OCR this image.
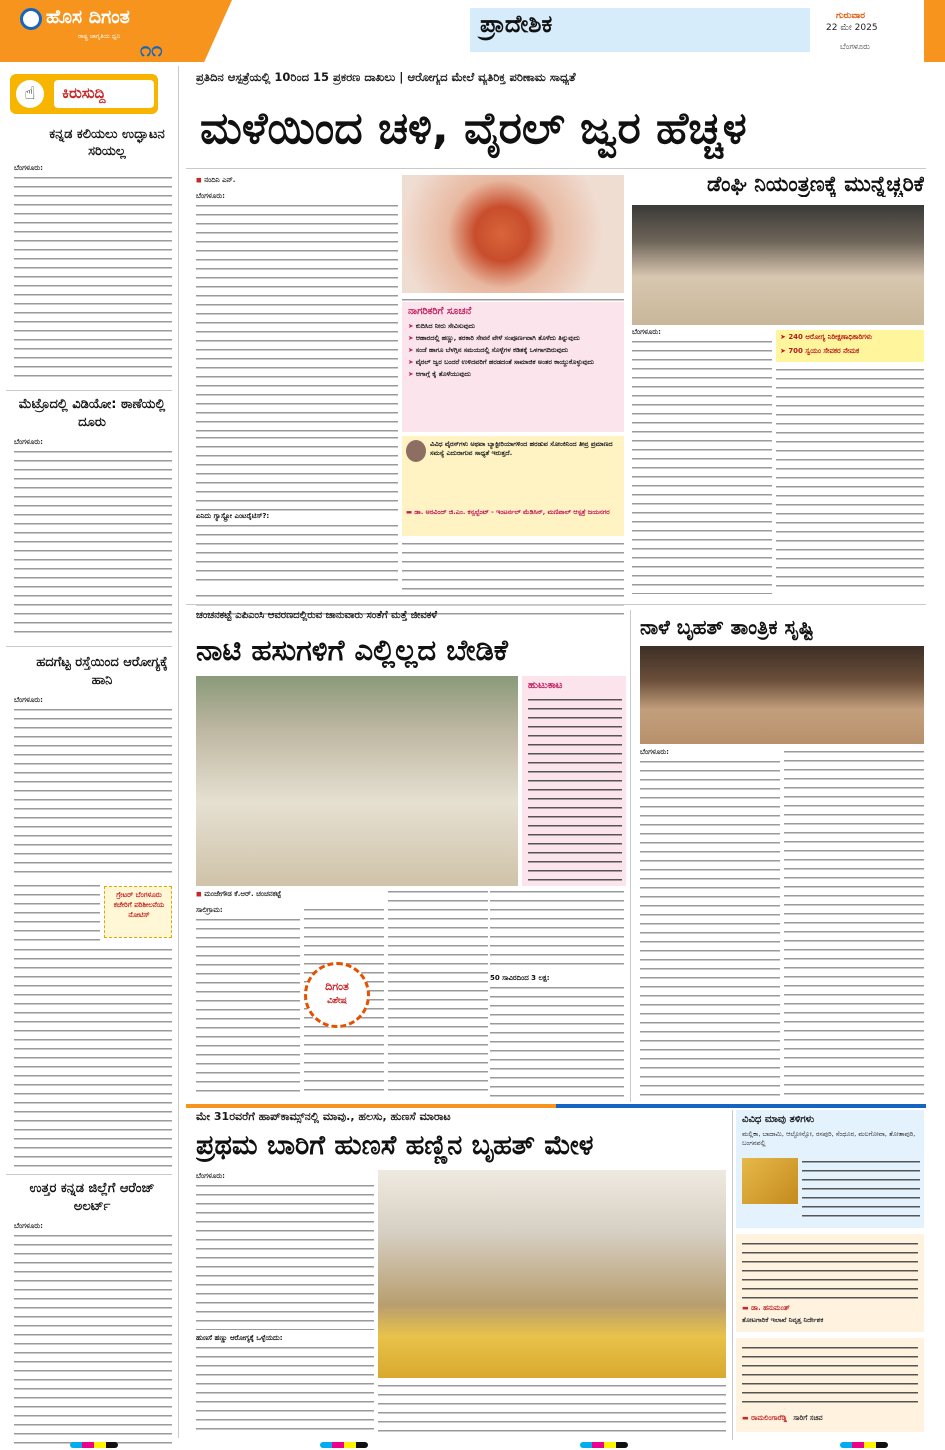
ಹೊಸ ದಿಗಂತ
ರಾಷ್ಟ್ರ ಜಾಗೃತಿಯ ಧ್ವನಿ
೧೧
ಪ್ರಾದೇಶಿಕ	ಗುರುವಾರ
22 ಮೇ 2025
ಬೆಂಗಳೂರು
☝	ಕಿರುಸುದ್ದಿ
ಕನ್ನಡ ಕಲಿಯಲು ಉದ್ಘಾಟನ ಸರಿಯಲ್ಲ
ಬೆಂಗಳೂರು:
ಮೆಟ್ರೊದಲ್ಲಿ ವಿಡಿಯೋ: ಠಾಣೆಯಲ್ಲಿ ದೂರು
ಬೆಂಗಳೂರು:
ಹದಗೆಟ್ಟ ರಸ್ತೆಯಿಂದ ಆರೋಗ್ಯಕ್ಕೆ ಹಾನಿ
ಬೆಂಗಳೂರು:
ಗ್ರೇಟರ್ ಬೆಂಗಳೂರು ಕಚೇರಿಗೆ ಪರಿಶೀಲನೆಯ ನೋಟಿಸ್
ಉತ್ತರ ಕನ್ನಡ ಜಿಲ್ಲೆಗೆ ಆರೆಂಜ್ ಅಲರ್ಟ್
ಬೆಂಗಳೂರು:
ಪ್ರತಿದಿನ ಆಸ್ಪತ್ರೆಯಲ್ಲಿ 10ರಿಂದ 15 ಪ್ರಕರಣ ದಾಖಲು | ಆರೋಗ್ಯದ ಮೇಲೆ ವ್ಯತಿರಿಕ್ತ ಪರಿಣಾಮ ಸಾಧ್ಯತೆ
ಮಳೆಯಿಂದ ಚಳಿ, ವೈರಲ್ ಜ್ವರ ಹೆಚ್ಚಳ
◼ ನಂದಿನಿ ಎನ್.
ಬೆಂಗಳೂರು:
ಏನಿದು ಗ್ಯಾಸ್ಟ್ರೋ ಎಂಟರೈಟಿಸ್?:
ನಾಗರಿಕರಿಗೆ ಸೂಚನೆ
➤ ಕುದಿಸಿದ ನೀರು ಸೇವಿಸುವುದು
➤ ಆಹಾರದಲ್ಲಿ ಹಣ್ಣು, ತರಕಾರಿ ಸೇವನೆ ವೇಳೆ ಸಂಪೂರ್ಣವಾಗಿ ತೊಳೆದು ತಿನ್ನುವುದು
➤ ಸಂಜೆ ಹಾಗೂ ಬೆಳಗ್ಗಿನ ಸಮಯದಲ್ಲಿ ಸೊಳ್ಳೆಗಳ ಕಡಿತಕ್ಕೆ ಒಳಗಾಗದಿರುವುದು
➤ ವೈರಲ್ ಜ್ವರ ಬಂದರೆ ಉಳಿದವರಿಗೆ ಹರಡದಂತೆ ಸಾಮಾಜಿಕ ಅಂತರ ಕಾಯ್ದುಕೊಳ್ಳುವುದು
➤ ಆಗಾಗ್ಗೆ ಕೈ ತೊಳೆಯುವುದು
ವಿವಿಧ ವೈರಸ್‌ಗಳು ಅಥವಾ ಬ್ಯಾಕ್ಟೀರಿಯಾಗಳಿಂದ ಹರಡುವ ಸೋಂಕಿನಿಂದ ತೀವ್ರ ಪ್ರಮಾಣದ ಸಮಸ್ಯೆ ಎದುರಾಗುವ ಸಾಧ್ಯತೆ ಇರುತ್ತದೆ.
▬ ಡಾ. ಅರವಿಂದ್ ಜಿ.ಎಂ. ಕನ್ಸಲ್ಟೆಂಟ್ - ಇಂಟರ್ನಲ್ ಮೆಡಿಸಿನ್, ಮಣಿಪಾಲ್ ಆಸ್ಪತ್ರೆ ಜಯನಗರ
ಡೆಂಘಿ ನಿಯಂತ್ರಣಕ್ಕೆ ಮುನ್ನೆಚ್ಚರಿಕೆ
ಬೆಂಗಳೂರು:
➤ 240 ಆರೋಗ್ಯ ನಿರೀಕ್ಷಣಾಧಿಕಾರಿಗಳು
➤ 700 ಸ್ವಯಂ ಸೇವಕರ ನೇಮಕ
ಚಂಚನಕಟ್ಟೆ ಎಪಿಎಂಸಿ ಆವರಣದಲ್ಲಿರುವ ಜಾನುವಾರು ಸಂತೆಗೆ ಮತ್ತೆ ಜೀವಕಳೆ
ನಾಟಿ ಹಸುಗಳಿಗೆ ಎಲ್ಲಿಲ್ಲದ ಬೇಡಿಕೆ
ಹುಟುಕಾಟ
◼ ಮಂಜೇಗೌಡ ಕೆ.ಆರ್. ಚಂಚನಕಟ್ಟೆ
ಸಾಲಿಗ್ರಾಮ:
ದಿಗಂತ
ವಿಶೇಷ
50 ಸಾವಿರದಿಂದ 3 ಲಕ್ಷ:
ನಾಳೆ ಬೃಹತ್ ತಾಂತ್ರಿಕ ಸೃಷ್ಟಿ
ಬೆಂಗಳೂರು:
ಮೇ 31ರವರೆಗೆ ಹಾಪ್‌ಕಾಮ್ಸ್‌ನಲ್ಲಿ ಮಾವು., ಹಲಸು, ಹುಣಸೆ ಮಾರಾಟ
ಪ್ರಥಮ ಬಾರಿಗೆ ಹುಣಸೆ ಹಣ್ಣಿನ ಬೃಹತ್ ಮೇಳ
ಬೆಂಗಳೂರು:
ಹುಣಸೆ ಹಣ್ಣು ಆರೋಗ್ಯಕ್ಕೆ ಒಳ್ಳೆಯದು:
ವಿವಿಧ ಮಾವು ತಳಿಗಳು
ಮಲ್ಲಿಕಾ, ಬಾದಾಮಿ, ಆಲ್ಫೋನ್ಸೋ, ರಸಪುರಿ, ಸೆಂಧೂರ, ಮಲಗೋವಾ, ತೋತಾಪುರಿ, ಬಂಗನಪಲ್ಲಿ
▬ ಡಾ. ಹನುಮಂತ್
ತೋಟಗಾರಿಕೆ ಇಲಾಖೆ ನಿವೃತ್ತ ನಿರ್ದೇಶಕ
▬ ರಾಮಲಿಂಗಾರೆಡ್ಡಿ ಸಾರಿಗೆ ಸಚಿವ
